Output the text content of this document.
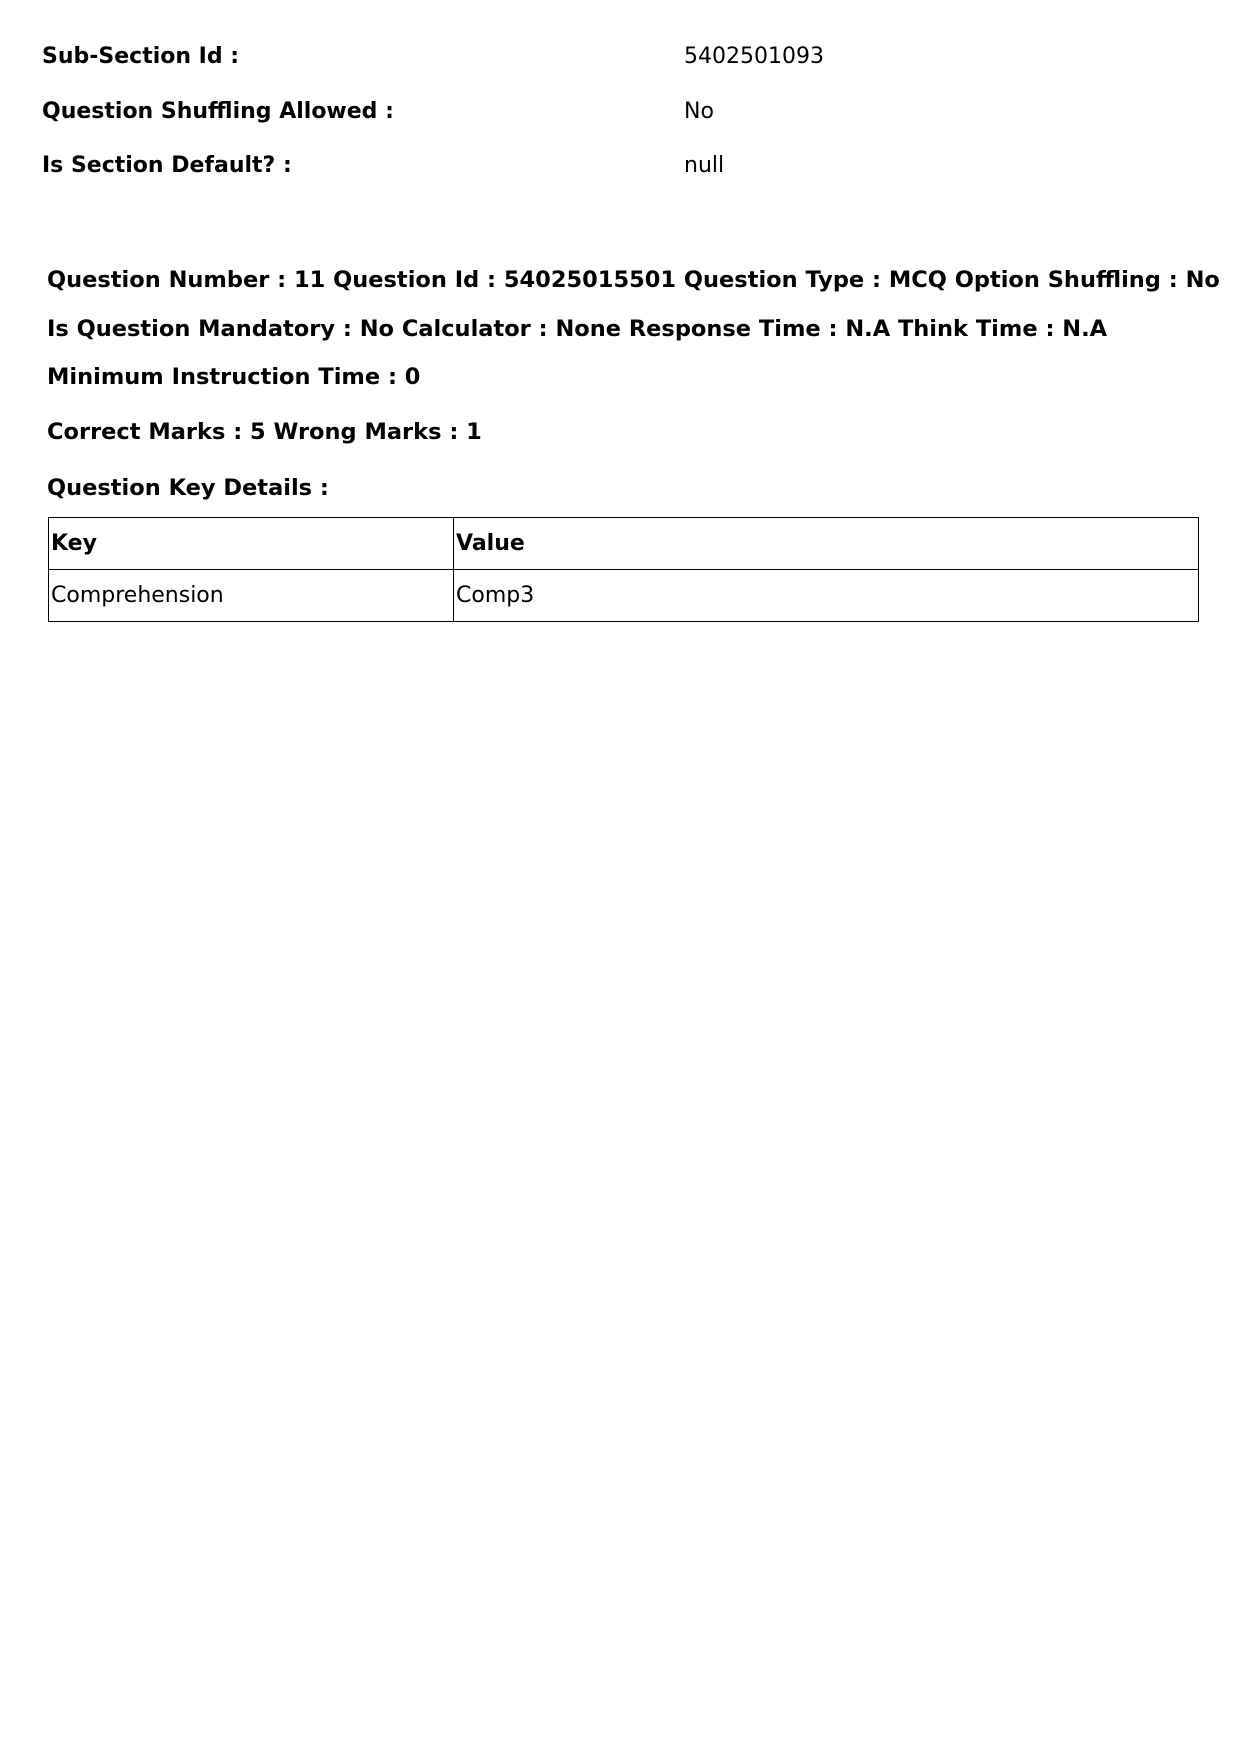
Sub-Section Id :	5402501093
Question Shuffling Allowed :	No
Is Section Default? :	null
Question Number : 11 Question Id : 54025015501 Question Type : MCQ Option Shuffling : No
Is Question Mandatory : No Calculator : None Response Time : N.A Think Time : N.A
Minimum Instruction Time : 0
Correct Marks : 5 Wrong Marks : 1
Question Key Details :
Key	Value
Comprehension	Comp3
